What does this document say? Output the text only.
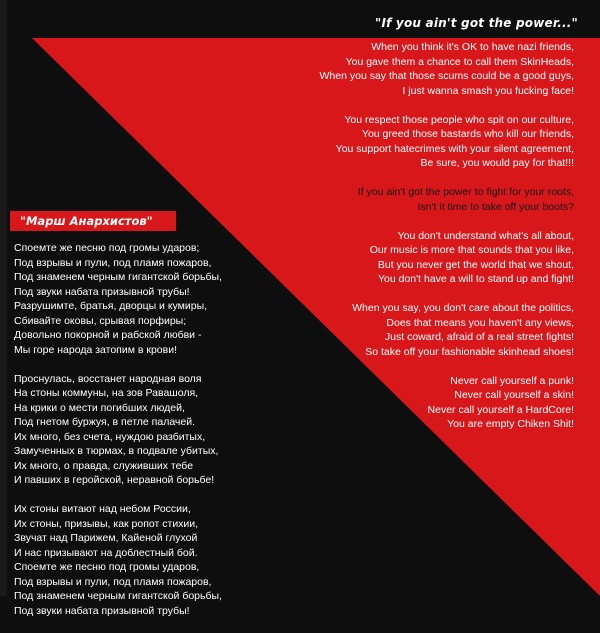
"If you ain't got the power..."
When you think it's OK to have nazi friends,
You gave them a chance to call them SkinHeads,
When you say that those scums could be a good guys,
I just wanna smash you fucking face!
You respect those people who spit on our culture,
You greed those bastards who kill our friends,
You support hatecrimes with your silent agreement,
Be sure, you would pay for that!!!
If you ain't got the power to fight for your roots,
Isn't it time to take off your boots?
You don't understand what's all about,
Our music is more that sounds that you like,
But you never get the world that we shout,
You don't have a will to stand up and fight!
When you say, you don't care about the politics,
Does that means you haven't any views,
Just coward, afraid of a real street fights!
So take off your fashionable skinhead shoes!
Never call yourself a punk!
Never call yourself a skin!
Never call yourself a HardCore!
You are empty Chiken Shit!
"Марш Анархистов"
Споемте же песню под громы ударов;
Под взрывы и пули, под пламя пожаров,
Под знаменем черным гигантской борьбы,
Под звуки набата призывной трубы!
Разрушимте, братья, дворцы и кумиры,
Сбивайте оковы, срывая порфиры;
Довольно покорной и рабской любви -
Мы горе народа затопим в крови!
Проснулась, восстанет народная воля
На стоны коммуны, на зов Равашоля,
На крики о мести погибших людей,
Под гнетом буржуя, в петле палачей.
Их много, без счета, нуждою разбитых,
Замученных в тюрмах, в подвале убитых,
Их много, о правда, служивших тебе
И павших в геройской, неравной борьбе!
Их стоны витают над небом России,
Их стоны, призывы, как ропот стихии,
Звучат над Парижем, Кайеной глухой
И нас призывают на доблестный бой.
Споемте же песню под громы ударов,
Под взрывы и пули, под пламя пожаров,
Под знаменем черным гигантской борьбы,
Под звуки набата призывной трубы!
